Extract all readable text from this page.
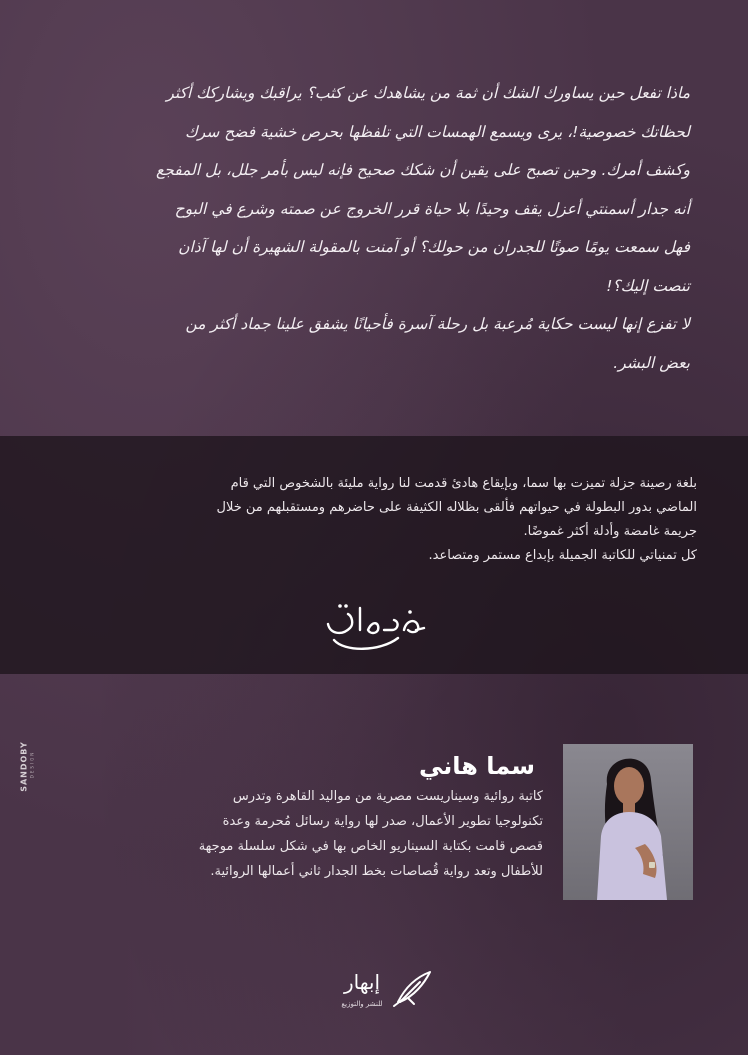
ماذا تفعل حين يساورك الشك أن ثمة من يشاهدك عن كثب؟ يراقبك ويشاركك أكثر

لحظاتك خصوصية!، يرى ويسمع الهمسات التي تلفظها بحرص خشية فضح سرك

وكشف أمرك. وحين تصبح على يقين أن شكك صحيح فإنه ليس بأمر جلل، بل المفجع

أنه جدار أسمنتي أعزل يقف وحيدًا بلا حياة قرر الخروج عن صمته وشرع في البوح

فهل سمعت يومًا صوتًا للجدران من حولك؟ أو آمنت بالمقولة الشهيرة أن لها آذان

تنصت إليك؟!

لا تفزع إنها ليست حكاية مُرعبة بل رحلة آسرة فأحيانًا يشفق علينا جماد أكثر من

بعض البشر.

بلغة رصينة جزلة تميزت بها سما، وبإيقاع هادئ قدمت لنا رواية مليئة بالشخوص التي قام

الماضي بدور البطولة في حيواتهم فألقى بظلاله الكثيفة على حاضرهم ومستقبلهم من خلال

جريمة غامضة وأدلة أكثر غموضًا.

كل تمنياتي للكاتبة الجميلة بإبداع مستمر ومتصاعد.

SANDOBY DESIGN	سما هاني

كاتبة روائية وسيناريست مصرية من مواليد القاهرة وتدرس

تكنولوجيا تطوير الأعمال، صدر لها رواية رسائل مُحرمة وعدة

قصص قامت بكتابة السيناريو الخاص بها في شكل سلسلة موجهة

للأطفال وتعد رواية قُصاصات بخط الجدار ثاني أعمالها الروائية.

إبهار
للنشر والتوزيع
